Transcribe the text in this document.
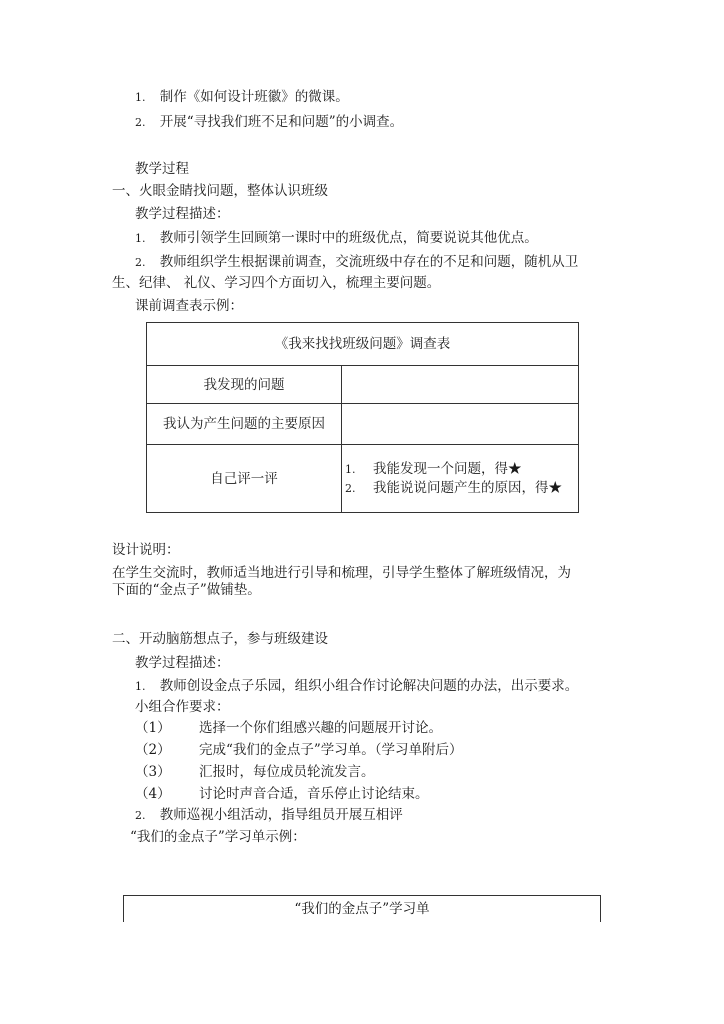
1. 制作《如何设计班徽》的微课。
2. 开展“寻找我们班不足和问题”的小调查。
教学过程
一、火眼金睛找问题，整体认识班级
教学过程描述：
1. 教师引领学生回顾第一课时中的班级优点，简要说说其他优点。
2. 教师组织学生根据课前调查，交流班级中存在的不足和问题，随机从卫
生、纪律、 礼仪、学习四个方面切入，梳理主要问题。
课前调查表示例：
《我来找找班级问题》调查表
我发现的问题
我认为产生问题的主要原因
自己评一评
1. 我能发现一个问题，得★
2. 我能说说问题产生的原因，得★
设计说明：
在学生交流时，教师适当地进行引导和梳理，引导学生整体了解班级情况，为
下面的“金点子”做铺垫。
二、开动脑筋想点子，参与班级建设
教学过程描述：
1. 教师创设金点子乐园，组织小组合作讨论解决问题的办法，出示要求。
小组合作要求：
（1） 选择一个你们组感兴趣的问题展开讨论。
（2） 完成“我们的金点子”学习单。（学习单附后）
（3） 汇报时，每位成员轮流发言。
（4） 讨论时声音合适，音乐停止讨论结束。
2. 教师巡视小组活动，指导组员开展互相评
“我们的金点子”学习单示例：
“我们的金点子”学习单
